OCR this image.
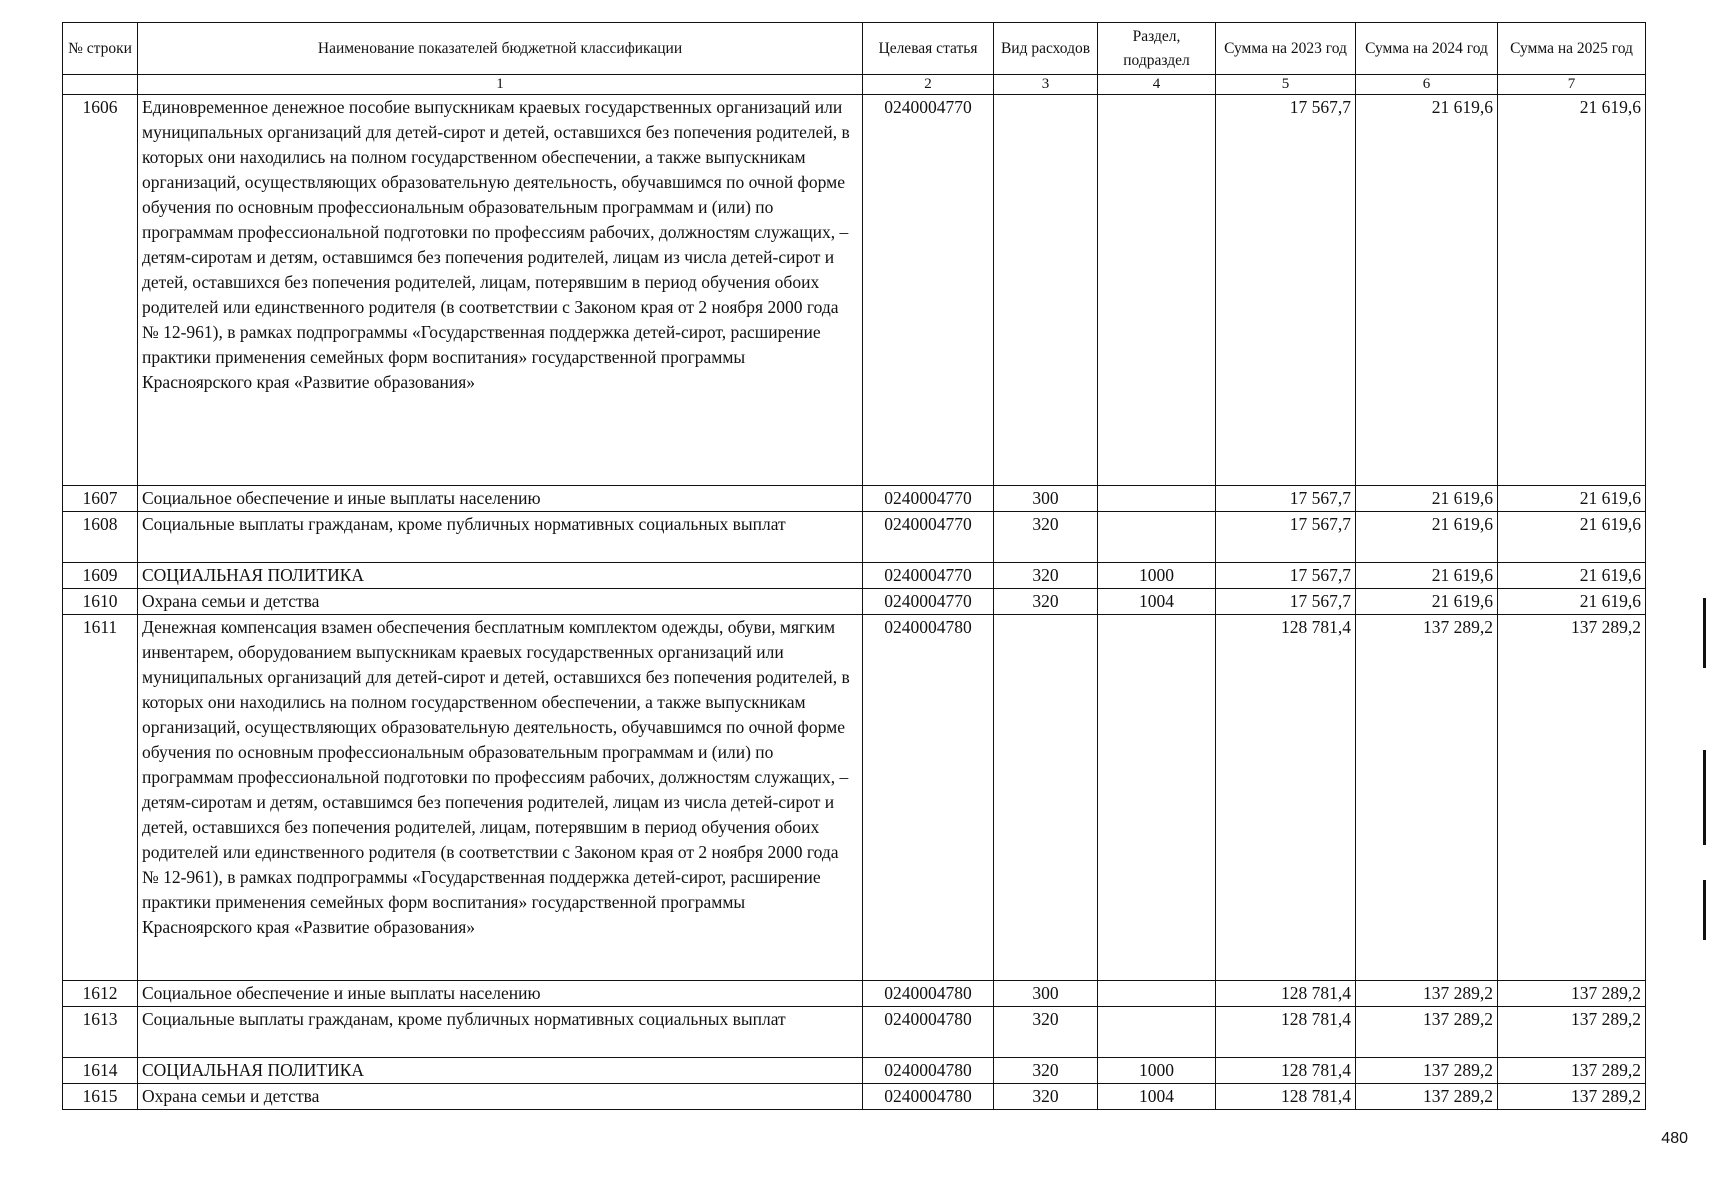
№ строки	Наименование показателей бюджетной классификации	Целевая статья	Вид расходов	Раздел, подраздел	Сумма на 2023 год	Сумма на 2024 год	Сумма на 2025 год
	1	2	3	4	5	6	7
1606	Единовременное денежное пособие выпускникам краевых государственных организаций или муниципальных организаций для детей-сирот и детей, оставшихся без попечения родителей, в которых они находились на полном государственном обеспечении, а также выпускникам организаций, осуществляющих образовательную деятельность, обучавшимся по очной форме обучения по основным профессиональным образовательным программам и (или) по программам профессиональной подготовки по профессиям рабочих, должностям служащих, – детям-сиротам и детям, оставшимся без попечения родителей, лицам из числа детей-сирот и детей, оставшихся без попечения родителей, лицам, потерявшим в период обучения обоих родителей или единственного родителя (в соответствии с Законом края от 2 ноября 2000 года № 12-961), в рамках подпрограммы «Государственная поддержка детей-сирот, расширение практики применения семейных форм воспитания» государственной программы Красноярского края «Развитие образования»	0240004770			17 567,7	21 619,6	21 619,6
1607	Социальное обеспечение и иные выплаты населению	0240004770	300		17 567,7	21 619,6	21 619,6
1608	Социальные выплаты гражданам, кроме публичных нормативных социальных выплат	0240004770	320		17 567,7	21 619,6	21 619,6
1609	СОЦИАЛЬНАЯ ПОЛИТИКА	0240004770	320	1000	17 567,7	21 619,6	21 619,6
1610	Охрана семьи и детства	0240004770	320	1004	17 567,7	21 619,6	21 619,6
1611	Денежная компенсация взамен обеспечения бесплатным комплектом одежды, обуви, мягким инвентарем, оборудованием выпускникам краевых государственных организаций или муниципальных организаций для детей-сирот и детей, оставшихся без попечения родителей, в которых они находились на полном государственном обеспечении, а также выпускникам организаций, осуществляющих образовательную деятельность, обучавшимся по очной форме обучения по основным профессиональным образовательным программам и (или) по программам профессиональной подготовки по профессиям рабочих, должностям служащих, – детям-сиротам и детям, оставшимся без попечения родителей, лицам из числа детей-сирот и детей, оставшихся без попечения родителей, лицам, потерявшим в период обучения обоих родителей или единственного родителя (в соответствии с Законом края от 2 ноября 2000 года № 12-961), в рамках подпрограммы «Государственная поддержка детей-сирот, расширение практики применения семейных форм воспитания» государственной программы Красноярского края «Развитие образования»	0240004780			128 781,4	137 289,2	137 289,2
1612	Социальное обеспечение и иные выплаты населению	0240004780	300		128 781,4	137 289,2	137 289,2
1613	Социальные выплаты гражданам, кроме публичных нормативных социальных выплат	0240004780	320		128 781,4	137 289,2	137 289,2
1614	СОЦИАЛЬНАЯ ПОЛИТИКА	0240004780	320	1000	128 781,4	137 289,2	137 289,2
1615	Охрана семьи и детства	0240004780	320	1004	128 781,4	137 289,2	137 289,2
480
